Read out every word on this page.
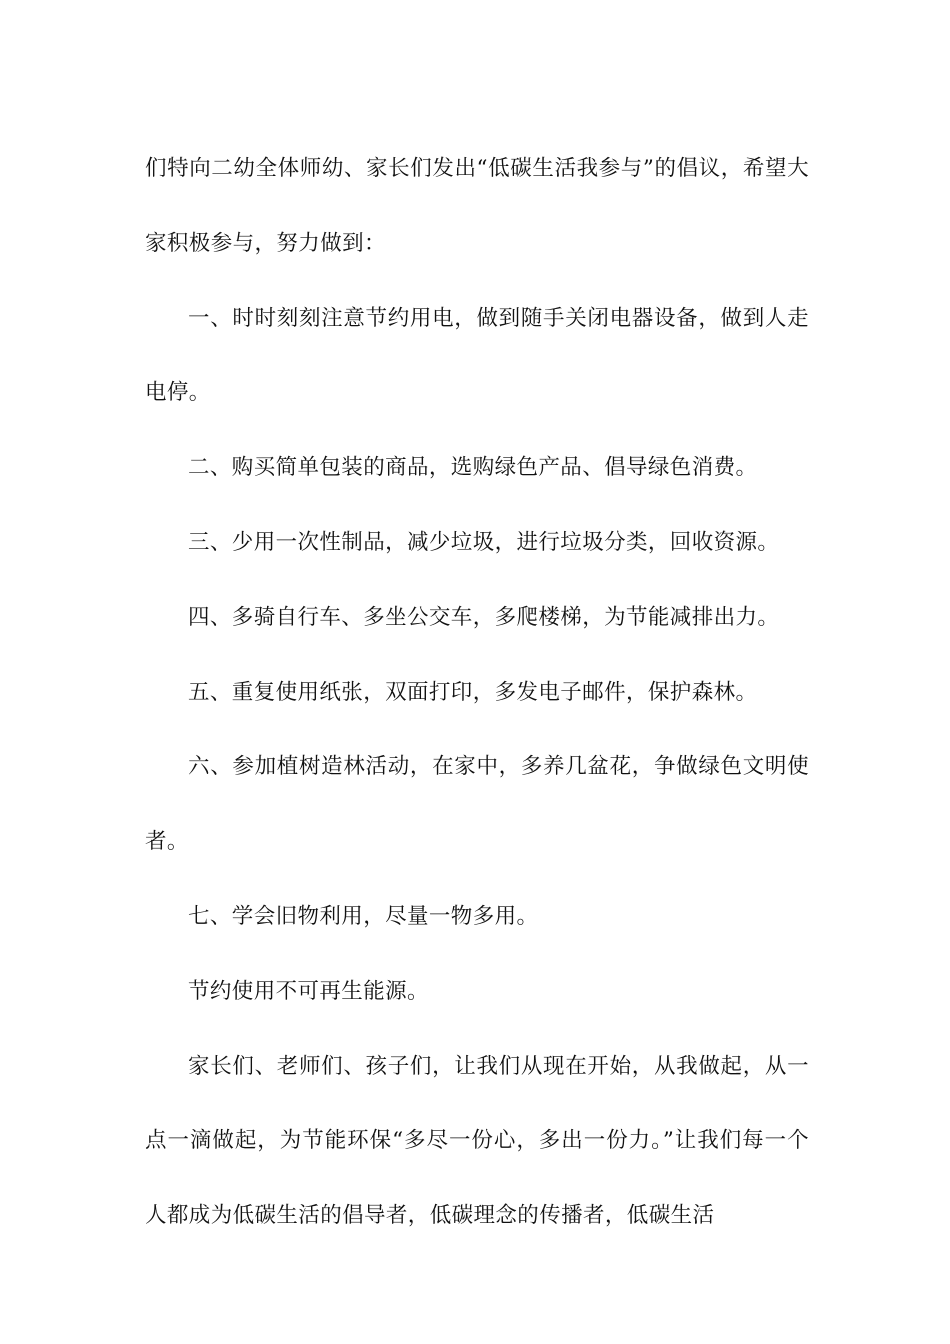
们特向二幼全体师幼、家长们发出“低碳生活我参与”的倡议，希望大家积极参与，努力做到：

一、时时刻刻注意节约用电，做到随手关闭电器设备，做到人走电停。

二、购买简单包装的商品，选购绿色产品、倡导绿色消费。

三、少用一次性制品，减少垃圾，进行垃圾分类，回收资源。

四、多骑自行车、多坐公交车，多爬楼梯，为节能减排出力。

五、重复使用纸张，双面打印，多发电子邮件，保护森林。

六、参加植树造林活动，在家中，多养几盆花，争做绿色文明使者。

七、学会旧物利用，尽量一物多用。

节约使用不可再生能源。

家长们、老师们、孩子们，让我们从现在开始，从我做起，从一点一滴做起，为节能环保“多尽一份心，多出一份力。”让我们每一个人都成为低碳生活的倡导者，低碳理念的传播者，低碳生活
